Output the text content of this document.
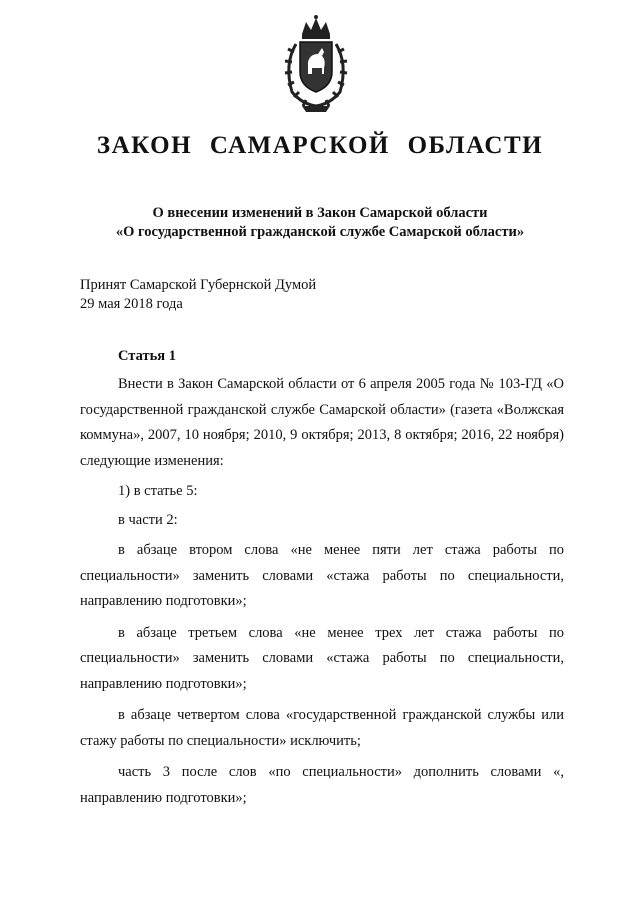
ЗАКОН САМАРСКОЙ ОБЛАСТИ
О внесении изменений в Закон Самарской области
«О государственной гражданской службе Самарской области»
Принят Самарской Губернской Думой
29 мая 2018 года
Статья 1
Внести в Закон Самарской области от 6 апреля 2005 года № 103-ГД «О государственной гражданской службе Самарской области» (газета «Волжская коммуна», 2007, 10 ноября; 2010, 9 октября; 2013, 8 октября; 2016, 22 ноября) следующие изменения:
1) в статье 5:
в части 2:
в абзаце втором слова «не менее пяти лет стажа работы по специальности» заменить словами «стажа работы по специальности, направлению подготовки»;
в абзаце третьем слова «не менее трех лет стажа работы по специальности» заменить словами «стажа работы по специальности, направлению подготовки»;
в абзаце четвертом слова «государственной гражданской службы или стажу работы по специальности» исключить;
часть 3 после слов «по специальности» дополнить словами «, направлению подготовки»;
